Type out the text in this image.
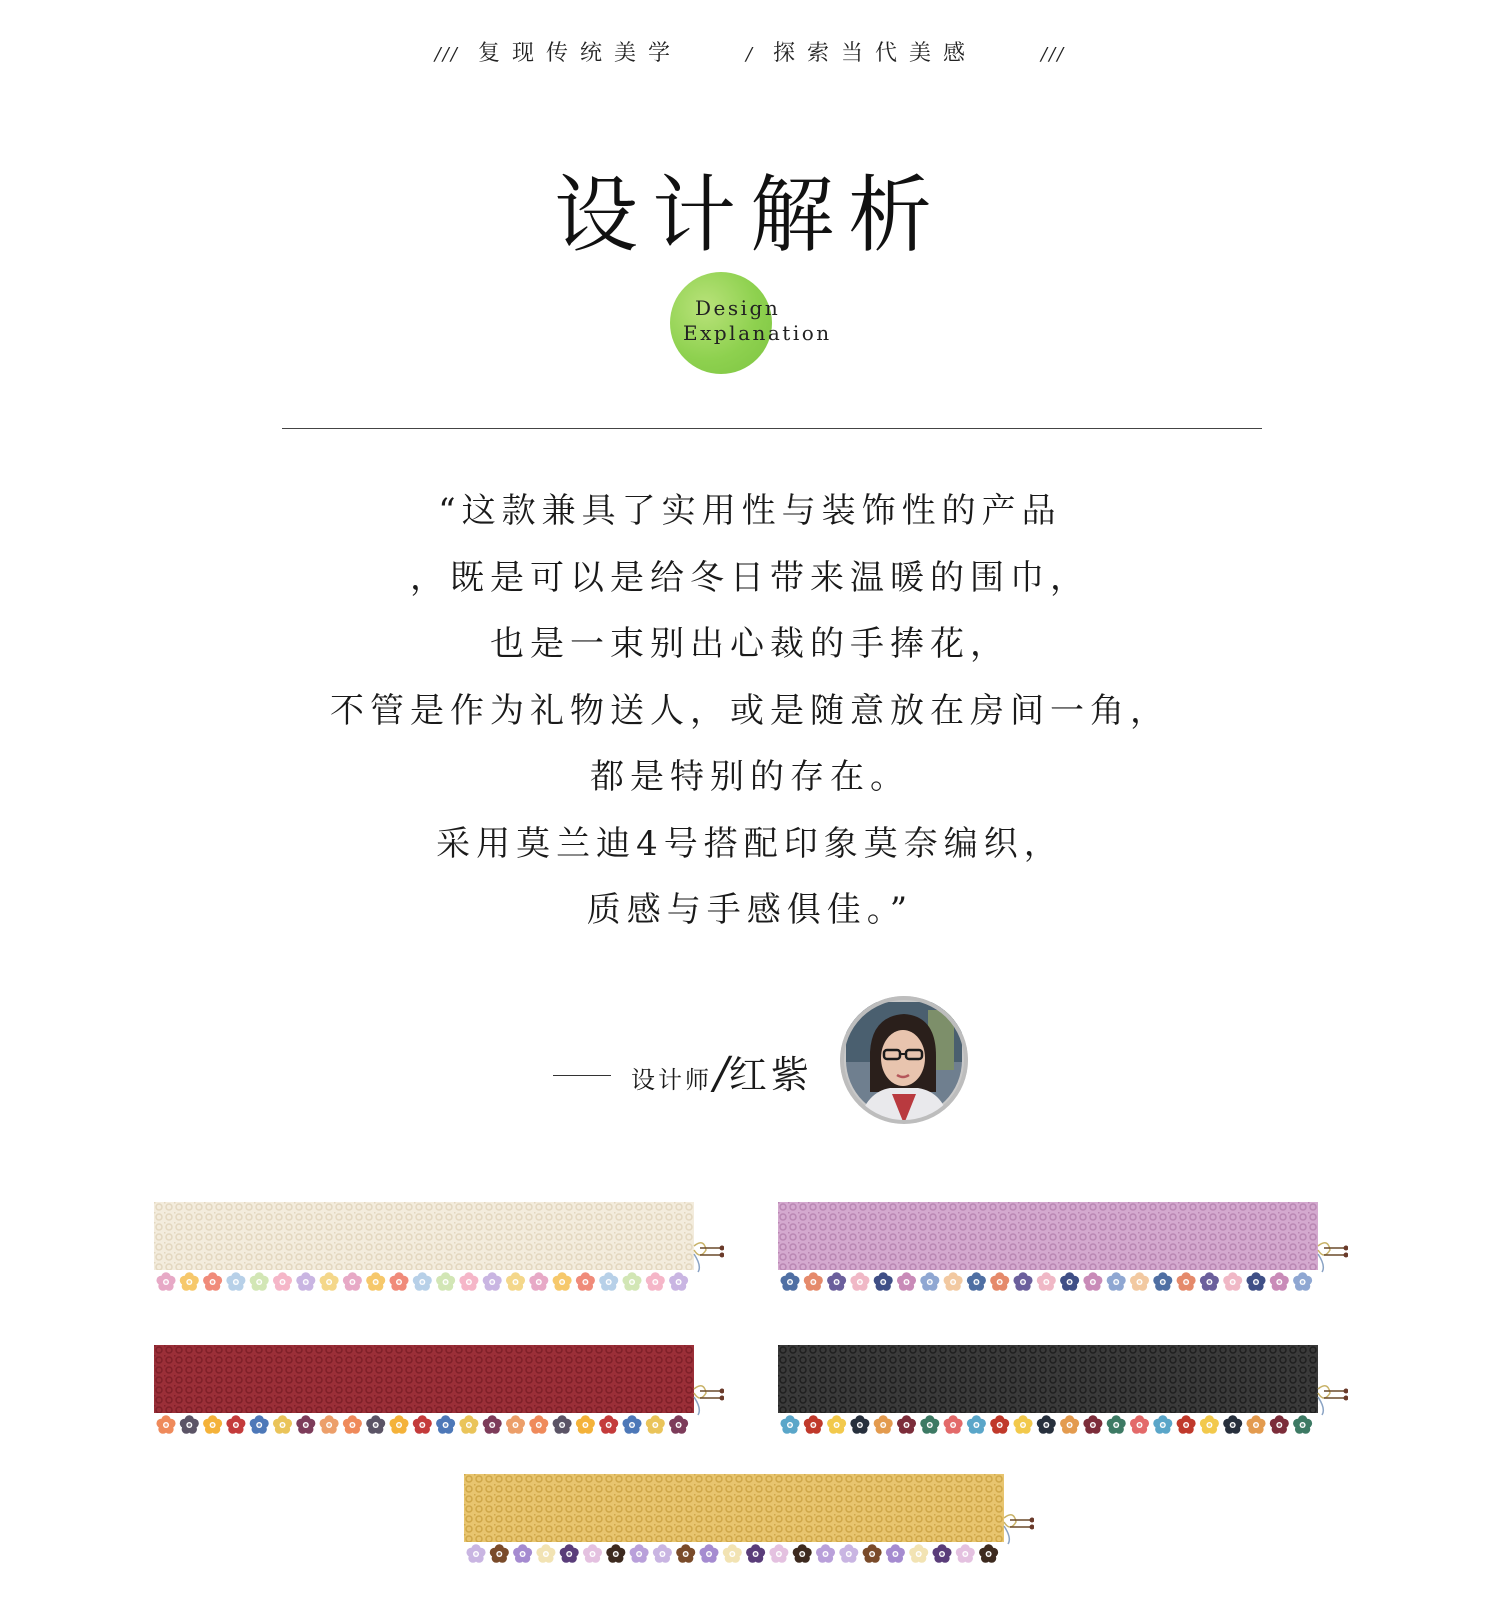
/// 复现传统美学	/ 探索当代美感	///
设计解析
Design
Explanation
“这款兼具了实用性与装饰性的产品
，既是可以是给冬日带来温暖的围巾，
也是一束别出心裁的手捧花，
不管是作为礼物送人，或是随意放在房间一角，
都是特别的存在。
采用莫兰迪4号搭配印象莫奈编织，
质感与手感俱佳。”
设计师/红紫
